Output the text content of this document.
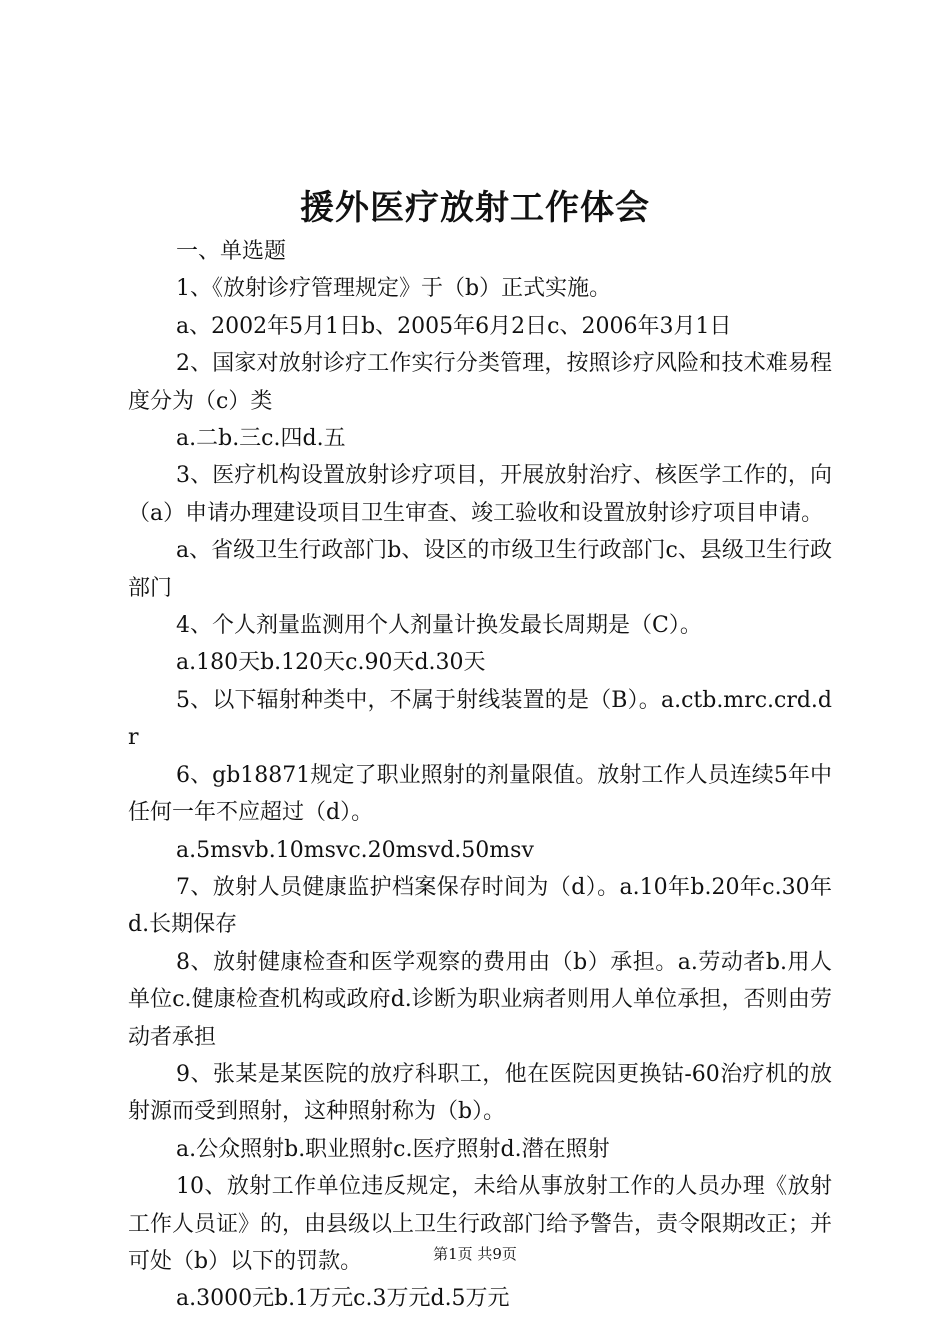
援外医疗放射工作体会

一、单选题

1、《放射诊疗管理规定》于（b）正式实施。

a、2002年5月1日b、2005年6月2日c、2006年3月1日

2、国家对放射诊疗工作实行分类管理，按照诊疗风险和技术难易程度分为（c）类

a.二b.三c.四d.五

3、医疗机构设置放射诊疗项目，开展放射治疗、核医学工作的，向（a）申请办理建设项目卫生审查、竣工验收和设置放射诊疗项目申请。

a、省级卫生行政部门b、设区的市级卫生行政部门c、县级卫生行政部门

4、个人剂量监测用个人剂量计换发最长周期是（C）。

a.180天b.120天c.90天d.30天

5、以下辐射种类中，不属于射线装置的是（B）。a.ctb.mrc.crd.dr

6、gb18871规定了职业照射的剂量限值。放射工作人员连续5年中任何一年不应超过（d）。

a.5msvb.10msvc.20msvd.50msv

7、放射人员健康监护档案保存时间为（d）。a.10年b.20年c.30年d.长期保存

8、放射健康检查和医学观察的费用由（b）承担。a.劳动者b.用人单位c.健康检查机构或政府d.诊断为职业病者则用人单位承担，否则由劳动者承担

9、张某是某医院的放疗科职工，他在医院因更换钴-60治疗机的放射源而受到照射，这种照射称为（b）。

a.公众照射b.职业照射c.医疗照射d.潜在照射

10、放射工作单位违反规定，未给从事放射工作的人员办理《放射工作人员证》的，由县级以上卫生行政部门给予警告，责令限期改正；并可处（b）以下的罚款。

a.3000元b.1万元c.3万元d.5万元

第1页 共9页
